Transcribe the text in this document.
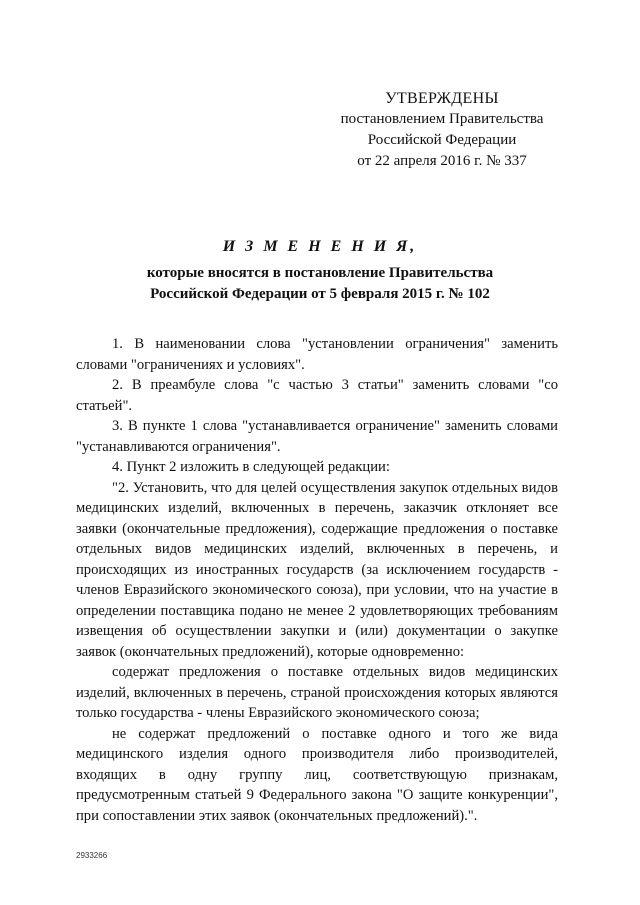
УТВЕРЖДЕНЫ
постановлением Правительства
Российской Федерации
от 22 апреля 2016 г. № 337
И З М Е Н Е Н И Я,
которые вносятся в постановление Правительства
Российской Федерации от 5 февраля 2015 г. № 102

1. В наименовании слова "установлении ограничения" заменить словами "ограничениях и условиях".

2. В преамбуле слова "с частью 3 статьи" заменить словами "со статьей".

3. В пункте 1 слова "устанавливается ограничение" заменить словами "устанавливаются ограничения".

4. Пункт 2 изложить в следующей редакции:

"2. Установить, что для целей осуществления закупок отдельных видов медицинских изделий, включенных в перечень, заказчик отклоняет все заявки (окончательные предложения), содержащие предложения о поставке отдельных видов медицинских изделий, включенных в перечень, и происходящих из иностранных государств (за исключением государств - членов Евразийского экономического союза), при условии, что на участие в определении поставщика подано не менее 2 удовлетворяющих требованиям извещения об осуществлении закупки и (или) документации о закупке заявок (окончательных предложений), которые одновременно:

содержат предложения о поставке отдельных видов медицинских изделий, включенных в перечень, страной происхождения которых являются только государства - члены Евразийского экономического союза;

не содержат предложений о поставке одного и того же вида медицинского изделия одного производителя либо производителей, входящих в одну группу лиц, соответствующую признакам, предусмотренным статьей 9 Федерального закона "О защите конкуренции", при сопоставлении этих заявок (окончательных предложений).".

2933266
